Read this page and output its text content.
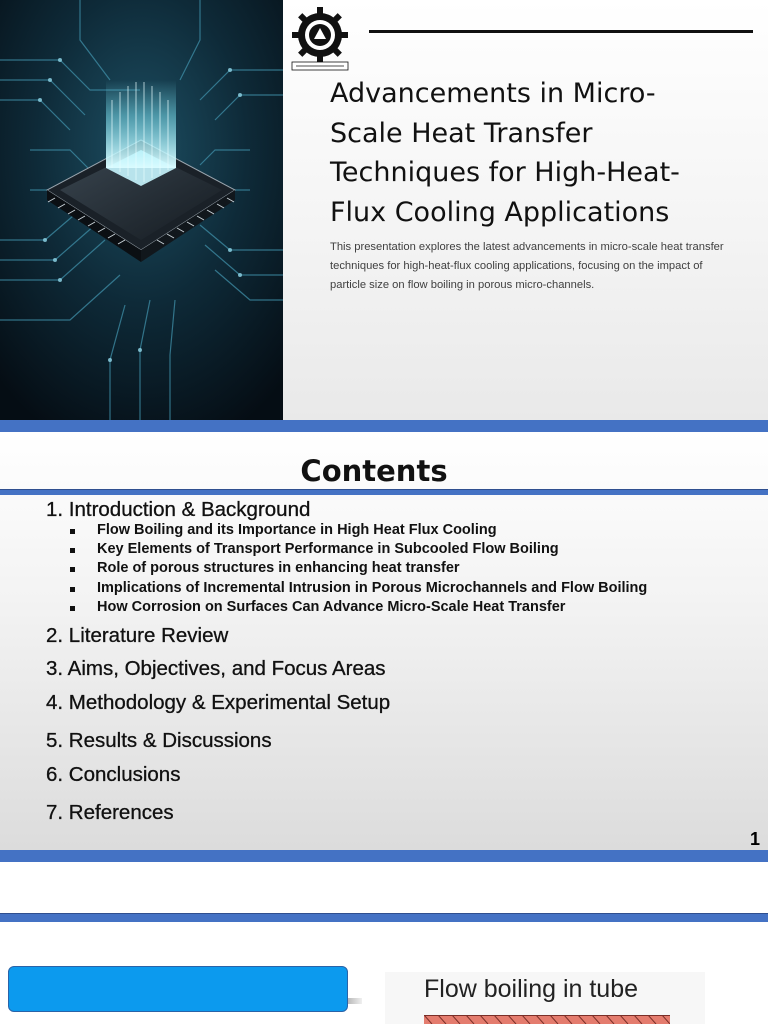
Advancements in Micro-
Scale Heat Transfer
Techniques for High-Heat-
Flux Cooling Applications

This presentation explores the latest advancements in micro-scale heat transfer techniques for high-heat-flux cooling applications, focusing on the impact of particle size on flow boiling in porous micro-channels.

Contents
1. Introduction & Background
Flow Boiling and its Importance in High Heat Flux Cooling
Key Elements of Transport Performance in Subcooled Flow Boiling
Role of porous structures in enhancing heat transfer
Implications of Incremental Intrusion in Porous Microchannels and Flow Boiling
How Corrosion on Surfaces Can Advance Micro-Scale Heat Transfer
2. Literature Review
3. Aims, Objectives, and Focus Areas
4. Methodology & Experimental Setup
5. Results & Discussions
6. Conclusions
7. References
1
Flow boiling in tube
